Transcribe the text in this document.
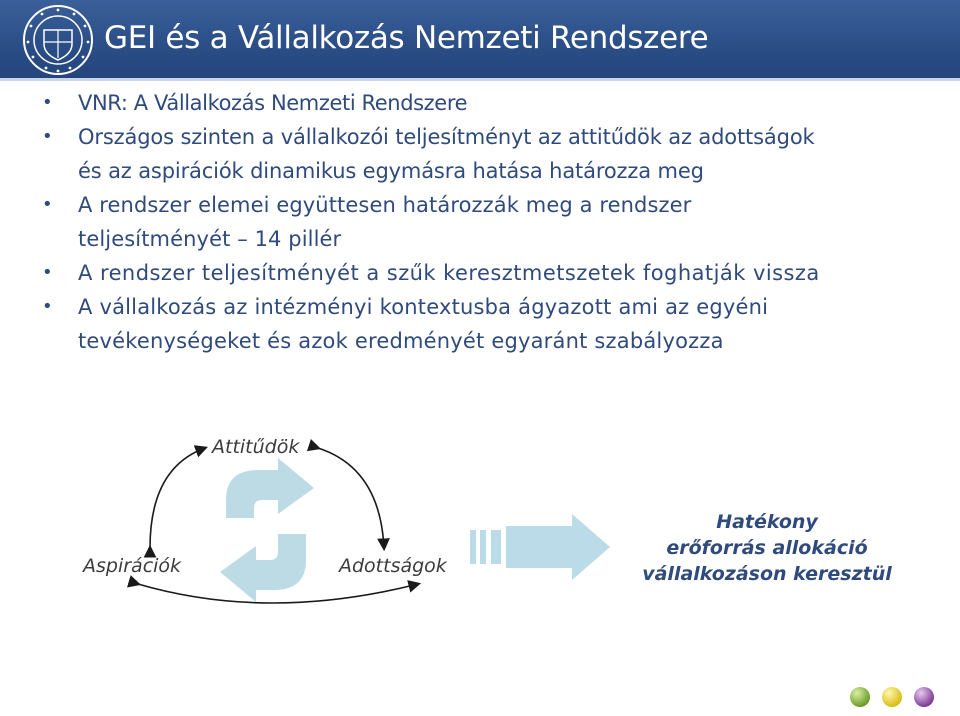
GEI és a Vállalkozás Nemzeti Rendszere
• VNR: A Vállalkozás Nemzeti Rendszere
• Országos szinten a vállalkozói teljesítményt az attitűdök az adottságok
és az aspirációk dinamikus egymásra hatása határozza meg
• A rendszer elemei együttesen határozzák meg a rendszer
teljesítményét – 14 pillér
• A rendszer teljesítményét a szűk keresztmetszetek foghatják vissza
• A vállalkozás az intézményi kontextusba ágyazott ami az egyéni
tevékenységeket és azok eredményét egyaránt szabályozza
Attitűdök
Aspirációk	Adottságok
Hatékony
erőforrás allokáció
vállalkozáson keresztül
